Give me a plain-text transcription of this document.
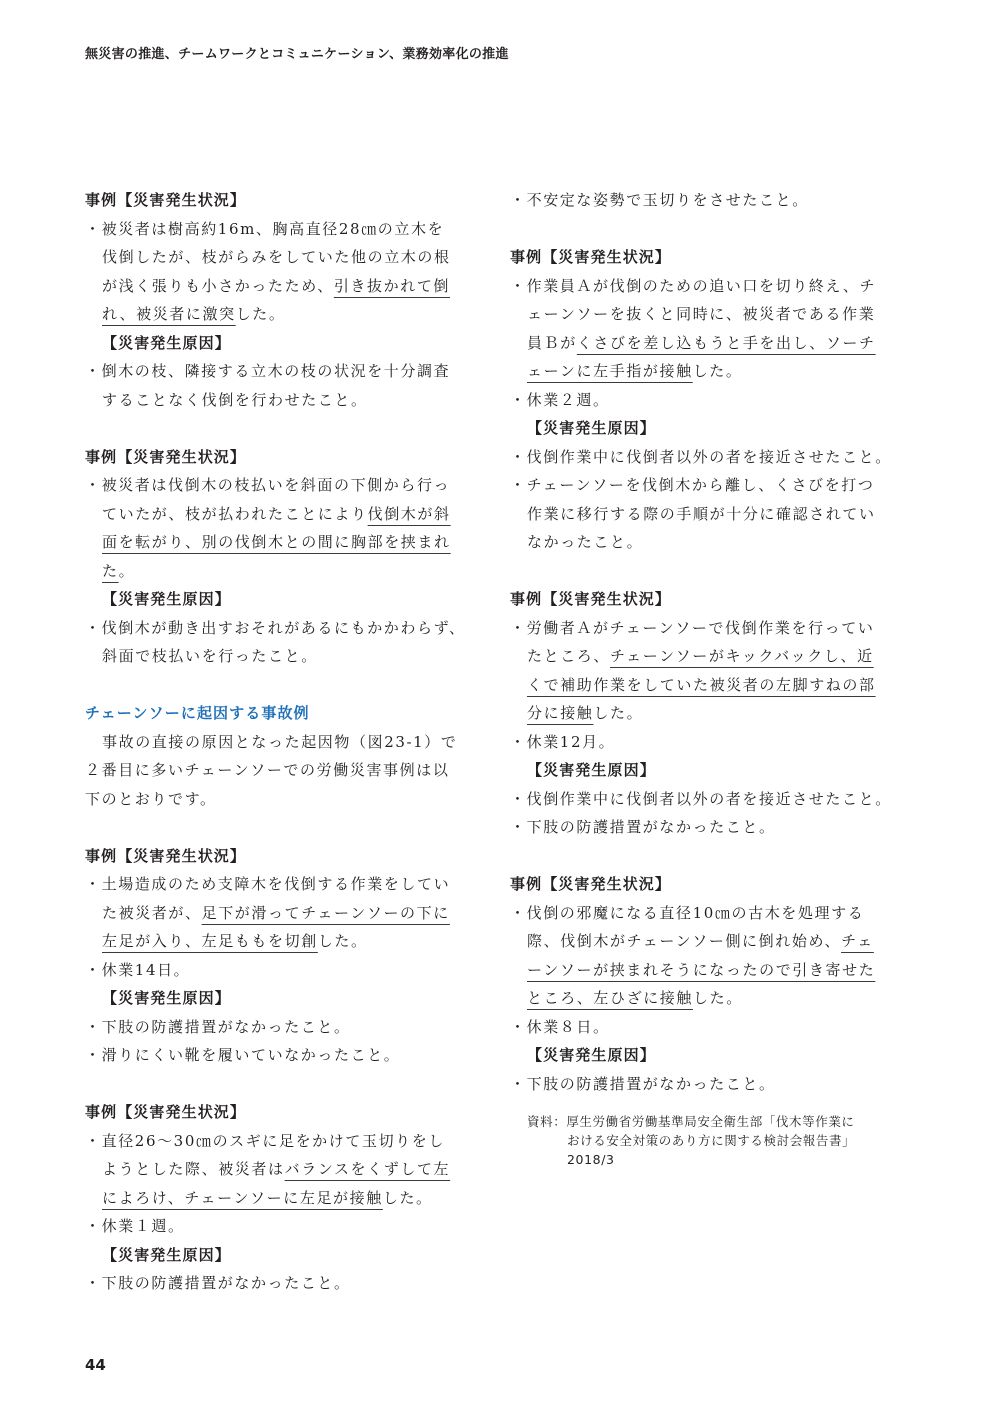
無災害の推進、チームワークとコミュニケーション、業務効率化の推進
事例【災害発生状況】
・被災者は樹高約16m、胸高直径28㎝の立木を
伐倒したが、枝がらみをしていた他の立木の根
が浅く張りも小さかったため、引き抜かれて倒
れ、被災者に激突した。
【災害発生原因】
・倒木の枝、隣接する立木の枝の状況を十分調査
することなく伐倒を行わせたこと。
事例【災害発生状況】
・被災者は伐倒木の枝払いを斜面の下側から行っ
ていたが、枝が払われたことにより伐倒木が斜
面を転がり、別の伐倒木との間に胸部を挟まれ
た。
【災害発生原因】
・伐倒木が動き出すおそれがあるにもかかわらず、
斜面で枝払いを行ったこと。
チェーンソーに起因する事故例
事故の直接の原因となった起因物（図23-1）で
２番目に多いチェーンソーでの労働災害事例は以
下のとおりです。
事例【災害発生状況】
・土場造成のため支障木を伐倒する作業をしてい
た被災者が、足下が滑ってチェーンソーの下に
左足が入り、左足ももを切創した。
・休業14日。
【災害発生原因】
・下肢の防護措置がなかったこと。
・滑りにくい靴を履いていなかったこと。
事例【災害発生状況】
・直径26～30㎝のスギに足をかけて玉切りをし
ようとした際、被災者はバランスをくずして左
によろけ、チェーンソーに左足が接触した。
・休業１週。
【災害発生原因】
・下肢の防護措置がなかったこと。
・不安定な姿勢で玉切りをさせたこと。
事例【災害発生状況】
・作業員Ａが伐倒のための追い口を切り終え、チ
ェーンソーを抜くと同時に、被災者である作業
員Ｂがくさびを差し込もうと手を出し、ソーチ
ェーンに左手指が接触した。
・休業２週。
【災害発生原因】
・伐倒作業中に伐倒者以外の者を接近させたこと。
・チェーンソーを伐倒木から離し、くさびを打つ
作業に移行する際の手順が十分に確認されてい
なかったこと。
事例【災害発生状況】
・労働者Ａがチェーンソーで伐倒作業を行ってい
たところ、チェーンソーがキックバックし、近
くで補助作業をしていた被災者の左脚すねの部
分に接触した。
・休業12月。
【災害発生原因】
・伐倒作業中に伐倒者以外の者を接近させたこと。
・下肢の防護措置がなかったこと。
事例【災害発生状況】
・伐倒の邪魔になる直径10㎝の古木を処理する
際、伐倒木がチェーンソー側に倒れ始め、チェ
ーンソーが挟まれそうになったので引き寄せた
ところ、左ひざに接触した。
・休業８日。
【災害発生原因】
・下肢の防護措置がなかったこと。
資料：厚生労働省労働基準局安全衛生部「伐木等作業に
おける安全対策のあり方に関する検討会報告書」
2018/3
44
